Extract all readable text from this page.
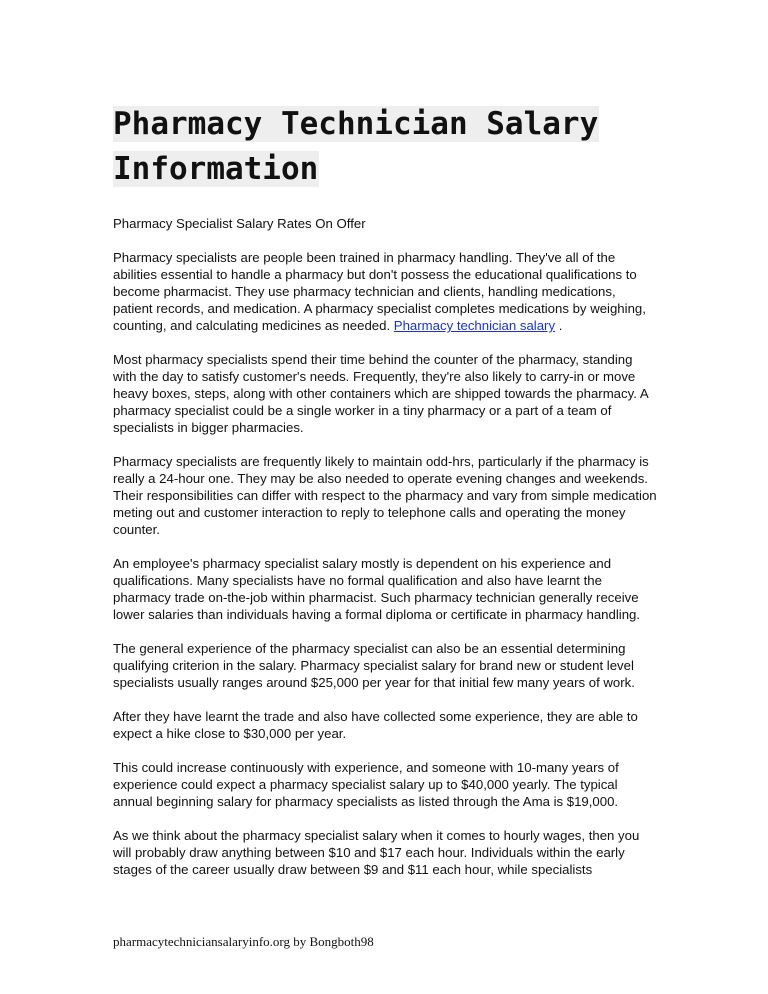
Pharmacy Technician Salary
Information

Pharmacy Specialist Salary Rates On Offer

Pharmacy specialists are people been trained in pharmacy handling. They've all of the abilities essential to handle a pharmacy but don't possess the educational qualifications to become pharmacist. They use pharmacy technician and clients, handling medications, patient records, and medication. A pharmacy specialist completes medications by weighing, counting, and calculating medicines as needed. Pharmacy technician salary .

Most pharmacy specialists spend their time behind the counter of the pharmacy, standing with the day to satisfy customer's needs. Frequently, they're also likely to carry-in or move heavy boxes, steps, along with other containers which are shipped towards the pharmacy. A pharmacy specialist could be a single worker in a tiny pharmacy or a part of a team of specialists in bigger pharmacies.

Pharmacy specialists are frequently likely to maintain odd-hrs, particularly if the pharmacy is really a 24-hour one. They may be also needed to operate evening changes and weekends. Their responsibilities can differ with respect to the pharmacy and vary from simple medication meting out and customer interaction to reply to telephone calls and operating the money counter.

An employee's pharmacy specialist salary mostly is dependent on his experience and qualifications. Many specialists have no formal qualification and also have learnt the pharmacy trade on-the-job within pharmacist. Such pharmacy technician generally receive lower salaries than individuals having a formal diploma or certificate in pharmacy handling.

The general experience of the pharmacy specialist can also be an essential determining qualifying criterion in the salary. Pharmacy specialist salary for brand new or student level specialists usually ranges around $25,000 per year for that initial few many years of work.

After they have learnt the trade and also have collected some experience, they are able to expect a hike close to $30,000 per year.

This could increase continuously with experience, and someone with 10-many years of experience could expect a pharmacy specialist salary up to $40,000 yearly. The typical annual beginning salary for pharmacy specialists as listed through the Ama is $19,000.

As we think about the pharmacy specialist salary when it comes to hourly wages, then you will probably draw anything between $10 and $17 each hour. Individuals within the early stages of the career usually draw between $9 and $11 each hour, while specialists

pharmacytechniciansalaryinfo.org by Bongboth98
